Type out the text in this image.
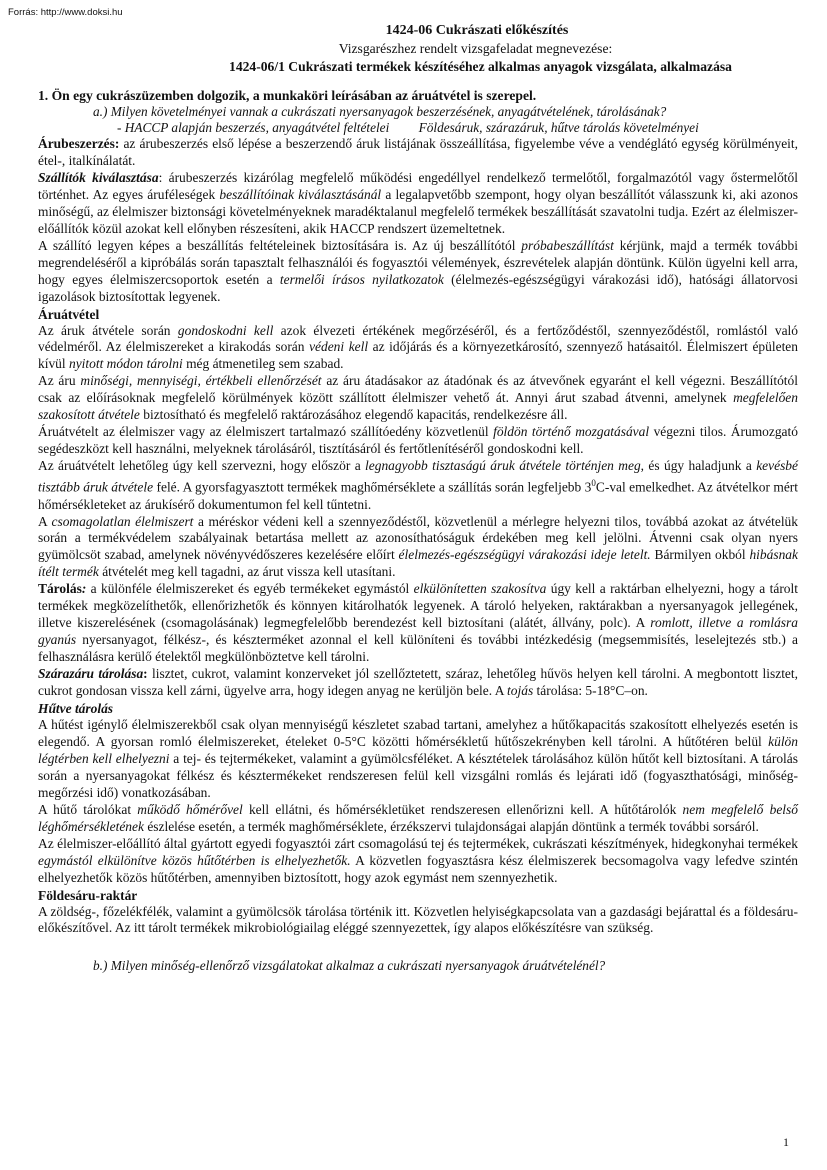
Forrás: http://www.doksi.hu
1424-06 Cukrászati előkészítés
Vizsgarészhez rendelt vizsgafeladat megnevezése:
1424-06/1 Cukrászati termékek készítéséhez alkalmas anyagok vizsgálata, alkalmazása
1. Ön egy cukrászüzemben dolgozik, a munkaköri leírásában az áruátvétel is szerepel.
a.) Milyen követelményei vannak a cukrászati nyersanyagok beszerzésének, anyagátvételének, tárolásának?
- HACCP alapján beszerzés, anyagátvétel feltételei Földesáruk, szárazáruk, hűtve tárolás követelményei

Árubeszerzés: az árubeszerzés első lépése a beszerzendő áruk listájának összeállítása, figyelembe véve a vendéglátó egység körülményeit, étel-, italkínálatát.

Szállítók kiválasztása: árubeszerzés kizárólag megfelelő működési engedéllyel rendelkező termelőtől, forgalmazótól vagy őstermelőtől történhet. Az egyes áruféleségek beszállítóinak kiválasztásánál a legalapvetőbb szempont, hogy olyan beszállítót válasszunk ki, aki azonos minőségű, az élelmiszer biztonsági követelményeknek maradéktalanul megfelelő termékek beszállítását szavatolni tudja. Ezért az élelmiszer-előállítók közül azokat kell előnyben részesíteni, akik HACCP rendszert üzemeltetnek.

A szállító legyen képes a beszállítás feltételeinek biztosítására is. Az új beszállítótól próbabeszállítást kérjünk, majd a termék további megrendeléséről a kipróbálás során tapasztalt felhasználói és fogyasztói vélemények, észrevételek alapján döntünk. Külön ügyelni kell arra, hogy egyes élelmiszercsoportok esetén a termelői írásos nyilatkozatok (élelmezés-egészségügyi várakozási idő), hatósági állatorvosi igazolások biztosítottak legyenek.

Áruátvétel

Az áruk átvétele során gondoskodni kell azok élvezeti értékének megőrzéséről, és a fertőződéstől, szennyeződéstől, romlástól való védelméről. Az élelmiszereket a kirakodás során védeni kell az időjárás és a környezetkárosító, szennyező hatásaitól. Élelmiszert épületen kívül nyitott módon tárolni még átmenetileg sem szabad.

Az áru minőségi, mennyiségi, értékbeli ellenőrzését az áru átadásakor az átadónak és az átvevőnek egyaránt el kell végezni. Beszállítótól csak az előírásoknak megfelelő körülmények között szállított élelmiszer vehető át. Annyi árut szabad átvenni, amelynek megfelelően szakosított átvétele biztosítható és megfelelő raktározásához elegendő kapacitás, rendelkezésre áll.

Áruátvételt az élelmiszer vagy az élelmiszert tartalmazó szállítóedény közvetlenül földön történő mozgatásával végezni tilos. Árumozgató segédeszközt kell használni, melyeknek tárolásáról, tisztításáról és fertőtlenítéséről gondoskodni kell.

Az áruátvételt lehetőleg úgy kell szervezni, hogy először a legnagyobb tisztaságú áruk átvétele történjen meg, és úgy haladjunk a kevésbé tisztább áruk átvétele felé. A gyorsfagyasztott termékek maghőmérséklete a szállítás során legfeljebb $3^0C$-val emelkedhet. Az átvételkor mért hőmérsékleteket az árukísérő dokumentumon fel kell tűntetni.

A csomagolatlan élelmiszert a méréskor védeni kell a szennyeződéstől, közvetlenül a mérlegre helyezni tilos, továbbá azokat az átvételük során a termékvédelem szabályainak betartása mellett az azonosíthatóságuk érdekében meg kell jelölni. Átvenni csak olyan nyers gyümölcsöt szabad, amelynek növényvédőszeres kezelésére előírt élelmezés-egészségügyi várakozási ideje letelt. Bármilyen okból hibásnak ítélt termék átvételét meg kell tagadni, az árut vissza kell utasítani.

Tárolás: a különféle élelmiszereket és egyéb termékeket egymástól elkülönítetten szakosítva úgy kell a raktárban elhelyezni, hogy a tárolt termékek megközelíthetők, ellenőrizhetők és könnyen kitárolhatók legyenek. A tároló helyeken, raktárakban a nyersanyagok jellegének, illetve kiszerelésének (csomagolásának) legmegfelelőbb berendezést kell biztosítani (alátét, állvány, polc). A romlott, illetve a romlásra gyanús nyersanyagot, félkész-, és készterméket azonnal el kell különíteni és további intézkedésig (megsemmisítés, leselejtezés stb.) a felhasználásra kerülő ételektől megkülönböztetve kell tárolni.

Szárazáru tárolása: lisztet, cukrot, valamint konzerveket jól szellőztetett, száraz, lehetőleg hűvös helyen kell tárolni. A megbontott lisztet, cukrot gondosan vissza kell zárni, ügyelve arra, hogy idegen anyag ne kerüljön bele. A tojás tárolása: 5-18°C–on.

Hűtve tárolás

A hűtést igénylő élelmiszerekből csak olyan mennyiségű készletet szabad tartani, amelyhez a hűtőkapacitás szakosított elhelyezés esetén is elegendő. A gyorsan romló élelmiszereket, ételeket 0-5°C közötti hőmérsékletű hűtőszekrényben kell tárolni. A hűtőtéren belül külön légtérben kell elhelyezni a tej- és tejtermékeket, valamint a gyümölcsféléket. A késztételek tárolásához külön hűtőt kell biztosítani. A tárolás során a nyersanyagokat félkész és késztermékeket rendszeresen felül kell vizsgálni romlás és lejárati idő (fogyaszthatósági, minőség-megőrzési idő) vonatkozásában.

A hűtő tárolókat működő hőmérővel kell ellátni, és hőmérsékletüket rendszeresen ellenőrizni kell. A hűtőtárolók nem megfelelő belső léghőmérsékletének észlelése esetén, a termék maghőmérséklete, érzékszervi tulajdonságai alapján döntünk a termék további sorsáról.

Az élelmiszer-előállító által gyártott egyedi fogyasztói zárt csomagolású tej és tejtermékek, cukrászati készítmények, hidegkonyhai termékek egymástól elkülönítve közös hűtőtérben is elhelyezhetők. A közvetlen fogyasztásra kész élelmiszerek becsomagolva vagy lefedve szintén elhelyezhetők közös hűtőtérben, amennyiben biztosított, hogy azok egymást nem szennyezhetik.

Földesáru-raktár

A zöldség-, főzelékfélék, valamint a gyümölcsök tárolása történik itt. Közvetlen helyiségkapcsolata van a gazdasági bejárattal és a földesáru-előkészítővel. Az itt tárolt termékek mikrobiológiailag eléggé szennyezettek, így alapos előkészítésre van szükség.

b.) Milyen minőség-ellenőrző vizsgálatokat alkalmaz a cukrászati nyersanyagok áruátvételénél?
1
